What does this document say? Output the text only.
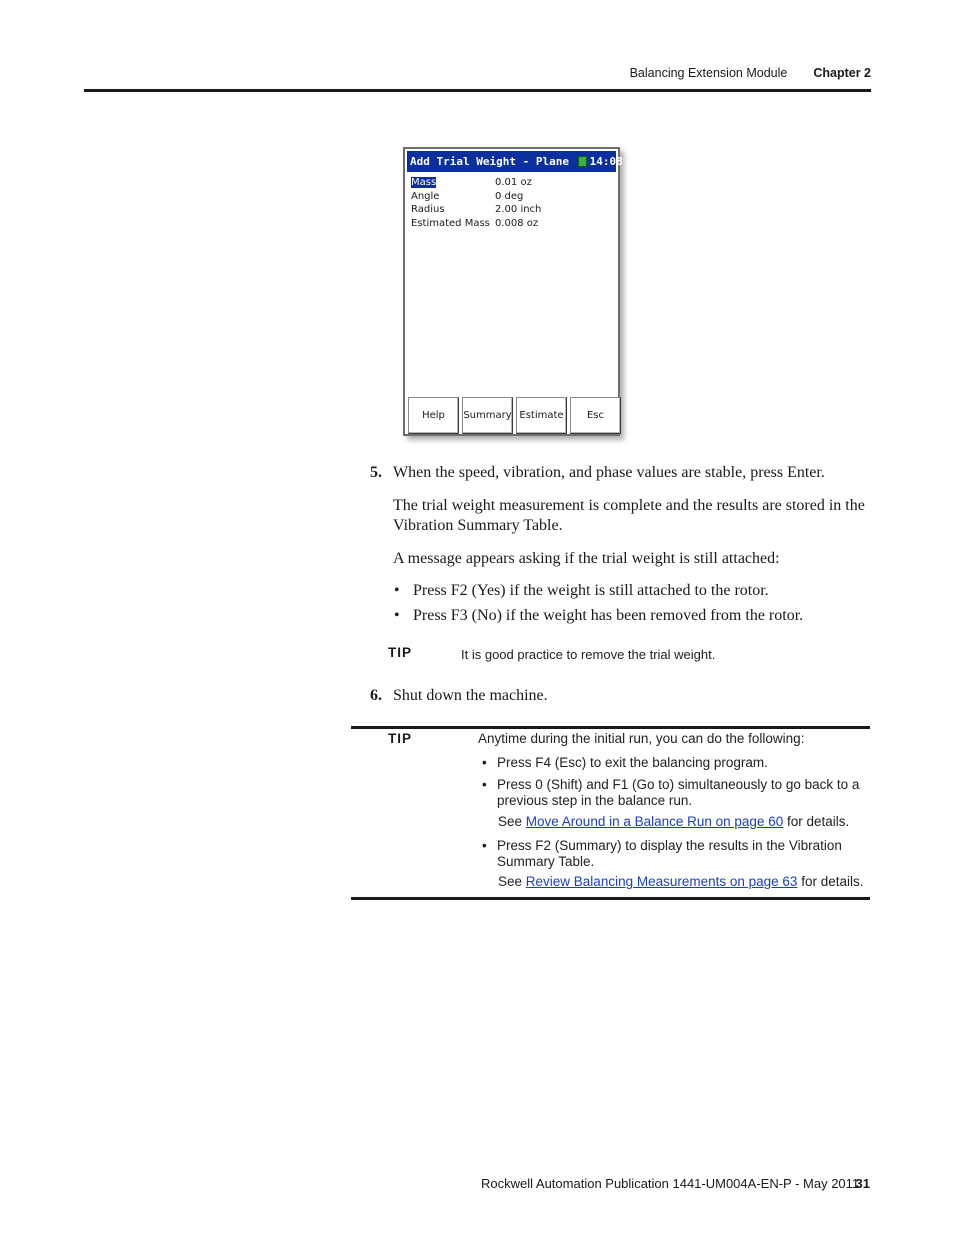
Balancing Extension Module Chapter 2
Add Trial Weight - Plane 14:08
Mass	0.01 oz
Angle	0 deg
Radius	2.00 inch
Estimated Mass 0.008 oz
Help	Summary Estimate	Esc
5. When the speed, vibration, and phase values are stable, press Enter.
The trial weight measurement is complete and the results are stored in the Vibration Summary Table.
A message appears asking if the trial weight is still attached:
• Press F2 (Yes) if the weight is still attached to the rotor.
• Press F3 (No) if the weight has been removed from the rotor.
TIP	It is good practice to remove the trial weight.
6. Shut down the machine.
TIP	Anytime during the initial run, you can do the following:
• Press F4 (Esc) to exit the balancing program.
• Press 0 (Shift) and F1 (Go to) simultaneously to go back to a
previous step in the balance run.
See Move Around in a Balance Run on page 60 for details.
• Press F2 (Summary) to display the results in the Vibration
Summary Table.
See Review Balancing Measurements on page 63 for details.
Rockwell Automation Publication 1441-UM004A-EN-P - May 2011
31
